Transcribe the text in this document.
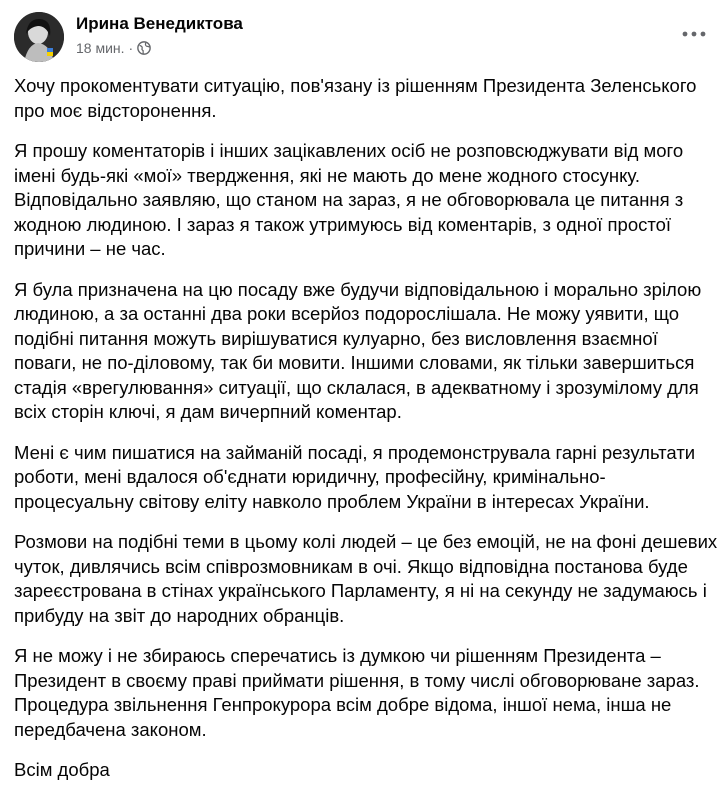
Ирина Венедиктова
18 мин. ·

Хочу прокоментувати ситуацію, пов'язану із рішенням Президента Зеленського про моє відсторонення.

Я прошу коментаторів і інших зацікавлених осіб не розповсюджувати від мого імені будь-які «мої» твердження, які не мають до мене жодного стосунку. Відповідально заявляю, що станом на зараз, я не обговорювала це питання з жодною людиною. І зараз я також утримуюсь від коментарів, з одної простої причини – не час.

Я була призначена на цю посаду вже будучи відповідальною і морально зрілою людиною, а за останні два роки всерйоз подорослішала. Не можу уявити, що подібні питання можуть вирішуватися кулуарно, без висловлення взаємної поваги, не по-діловому, так би мовити. Іншими словами, як тільки завершиться стадія «врегулювання» ситуації, що склалася, в адекватному і зрозумілому для всіх сторін ключі, я дам вичерпний коментар.

Мені є чим пишатися на займаній посаді, я продемонструвала гарні результати роботи, мені вдалося об'єднати юридичну, професійну, кримінально-процесуальну світову еліту навколо проблем України в інтересах України.

Розмови на подібні теми в цьому колі людей – це без емоцій, не на фоні дешевих чуток, дивлячись всім співрозмовникам в очі. Якщо відповідна постанова буде зареєстрована в стінах українського Парламенту, я ні на секунду не задумаюсь і прибуду на звіт до народних обранців.

Я не можу і не збираюсь сперечатись із думкою чи рішенням Президента – Президент в своєму праві приймати рішення, в тому числі обговорюване зараз. Процедура звільнення Генпрокурора всім добре відома, іншої нема, інша не передбачена законом.

Всім добра
